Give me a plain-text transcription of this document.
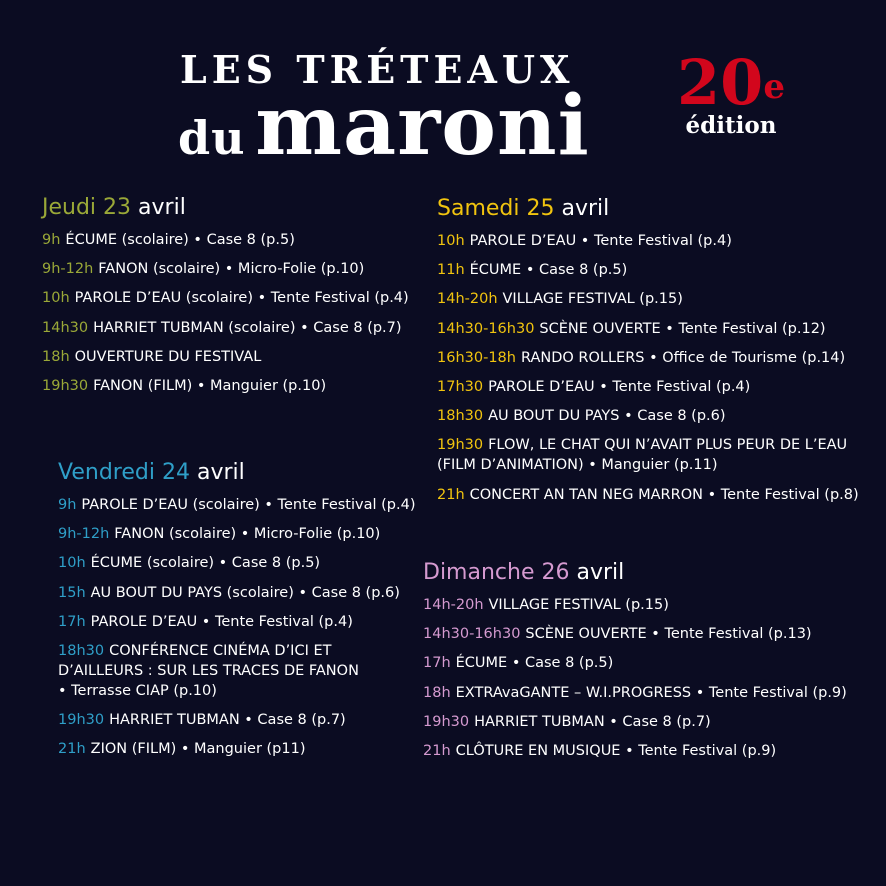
LES TRÉTEAUX
du maroni 20e
édition
Jeudi 23 avril
9h ÉCUME (scolaire) • Case 8 (p.5)
9h-12h FANON (scolaire) • Micro-Folie (p.10)
10h PAROLE D’EAU (scolaire) • Tente Festival (p.4)
14h30 HARRIET TUBMAN (scolaire) • Case 8 (p.7)
18h OUVERTURE DU FESTIVAL
19h30 FANON (FILM) • Manguier (p.10)
Vendredi 24 avril
9h PAROLE D’EAU (scolaire) • Tente Festival (p.4)
9h-12h FANON (scolaire) • Micro-Folie (p.10)
10h ÉCUME (scolaire) • Case 8 (p.5)
15h AU BOUT DU PAYS (scolaire) • Case 8 (p.6)
17h PAROLE D’EAU • Tente Festival (p.4)
18h30 CONFÉRENCE CINÉMA D’ICI ET
D’AILLEURS : SUR LES TRACES DE FANON
• Terrasse CIAP (p.10)
19h30 HARRIET TUBMAN • Case 8 (p.7)
21h ZION (FILM) • Manguier (p11)
Samedi 25 avril
10h PAROLE D’EAU • Tente Festival (p.4)
11h ÉCUME • Case 8 (p.5)
14h-20h VILLAGE FESTIVAL (p.15)
14h30-16h30 SCÈNE OUVERTE • Tente Festival (p.12)
16h30-18h RANDO ROLLERS • Office de Tourisme (p.14)
17h30 PAROLE D’EAU • Tente Festival (p.4)
18h30 AU BOUT DU PAYS • Case 8 (p.6)
19h30 FLOW, LE CHAT QUI N’AVAIT PLUS PEUR DE L’EAU
(FILM D’ANIMATION) • Manguier (p.11)
21h CONCERT AN TAN NEG MARRON • Tente Festival (p.8)
Dimanche 26 avril
14h-20h VILLAGE FESTIVAL (p.15)
14h30-16h30 SCÈNE OUVERTE • Tente Festival (p.13)
17h ÉCUME • Case 8 (p.5)
18h EXTRAvaGANTE – W.I.PROGRESS • Tente Festival (p.9)
19h30 HARRIET TUBMAN • Case 8 (p.7)
21h CLÔTURE EN MUSIQUE • Tente Festival (p.9)
